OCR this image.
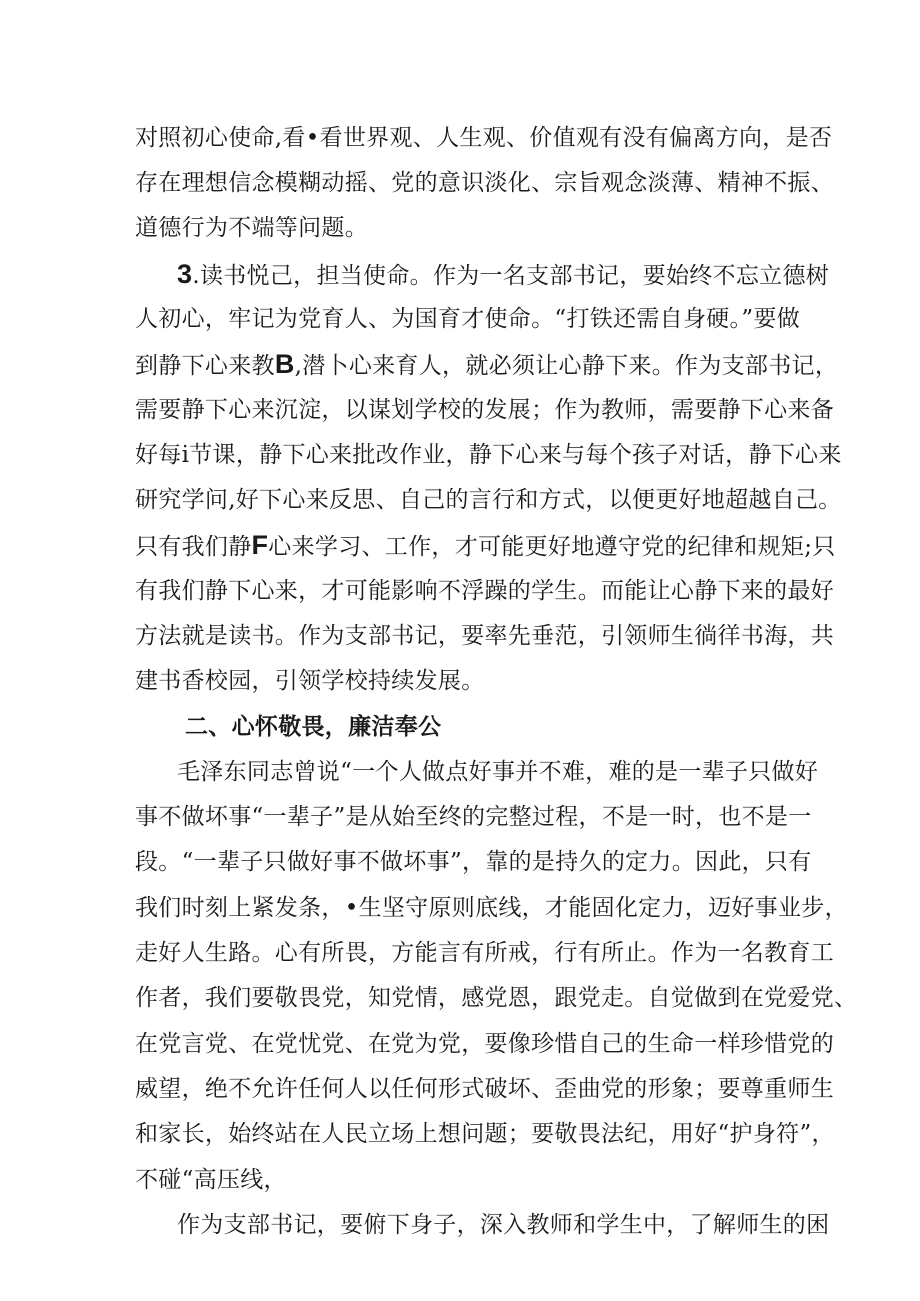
对照初心使命,看•看世界观、人生观、价值观有没有偏离方向，是否
存在理想信念模糊动摇、党的意识淡化、宗旨观念淡薄、精神不振、
道德行为不端等问题。
3.读书悦己，担当使命。作为一名支部书记，要始终不忘立德树
人初心，牢记为党育人、为国育才使命。“打铁还需自身硬。”要做
到静下心来教B,潜卜心来育人，就必须让心静下来。作为支部书记，
需要静下心来沉淀，以谋划学校的发展；作为教师，需要静下心来备
好每i节课，静下心来批改作业，静下心来与每个孩子对话，静下心来
研究学问,好下心来反思、自己的言行和方式，以便更好地超越自己。
只有我们静F心来学习、工作，才可能更好地遵守党的纪律和规矩;只
有我们静下心来，才可能影响不浮躁的学生。而能让心静下来的最好
方法就是读书。作为支部书记，要率先垂范，引领师生徜徉书海，共
建书香校园，引领学校持续发展。
二、心怀敬畏，廉洁奉公
毛泽东同志曾说“一个人做点好事并不难，难的是一辈子只做好
事不做坏事“一辈子”是从始至终的完整过程，不是一时，也不是一
段。“一辈子只做好事不做坏事”，靠的是持久的定力。因此，只有
我们时刻上紧发条，•生坚守原则底线，才能固化定力，迈好事业步，
走好人生路。心有所畏，方能言有所戒，行有所止。作为一名教育工
作者，我们要敬畏党，知党情，感党恩，跟党走。自觉做到在党爱党、
在党言党、在党忧党、在党为党，要像珍惜自己的生命一样珍惜党的
威望，绝不允许任何人以任何形式破坏、歪曲党的形象；要尊重师生
和家长，始终站在人民立场上想问题；要敬畏法纪，用好“护身符”，
不碰“高压线，
作为支部书记，要俯下身子，深入教师和学生中，了解师生的困
